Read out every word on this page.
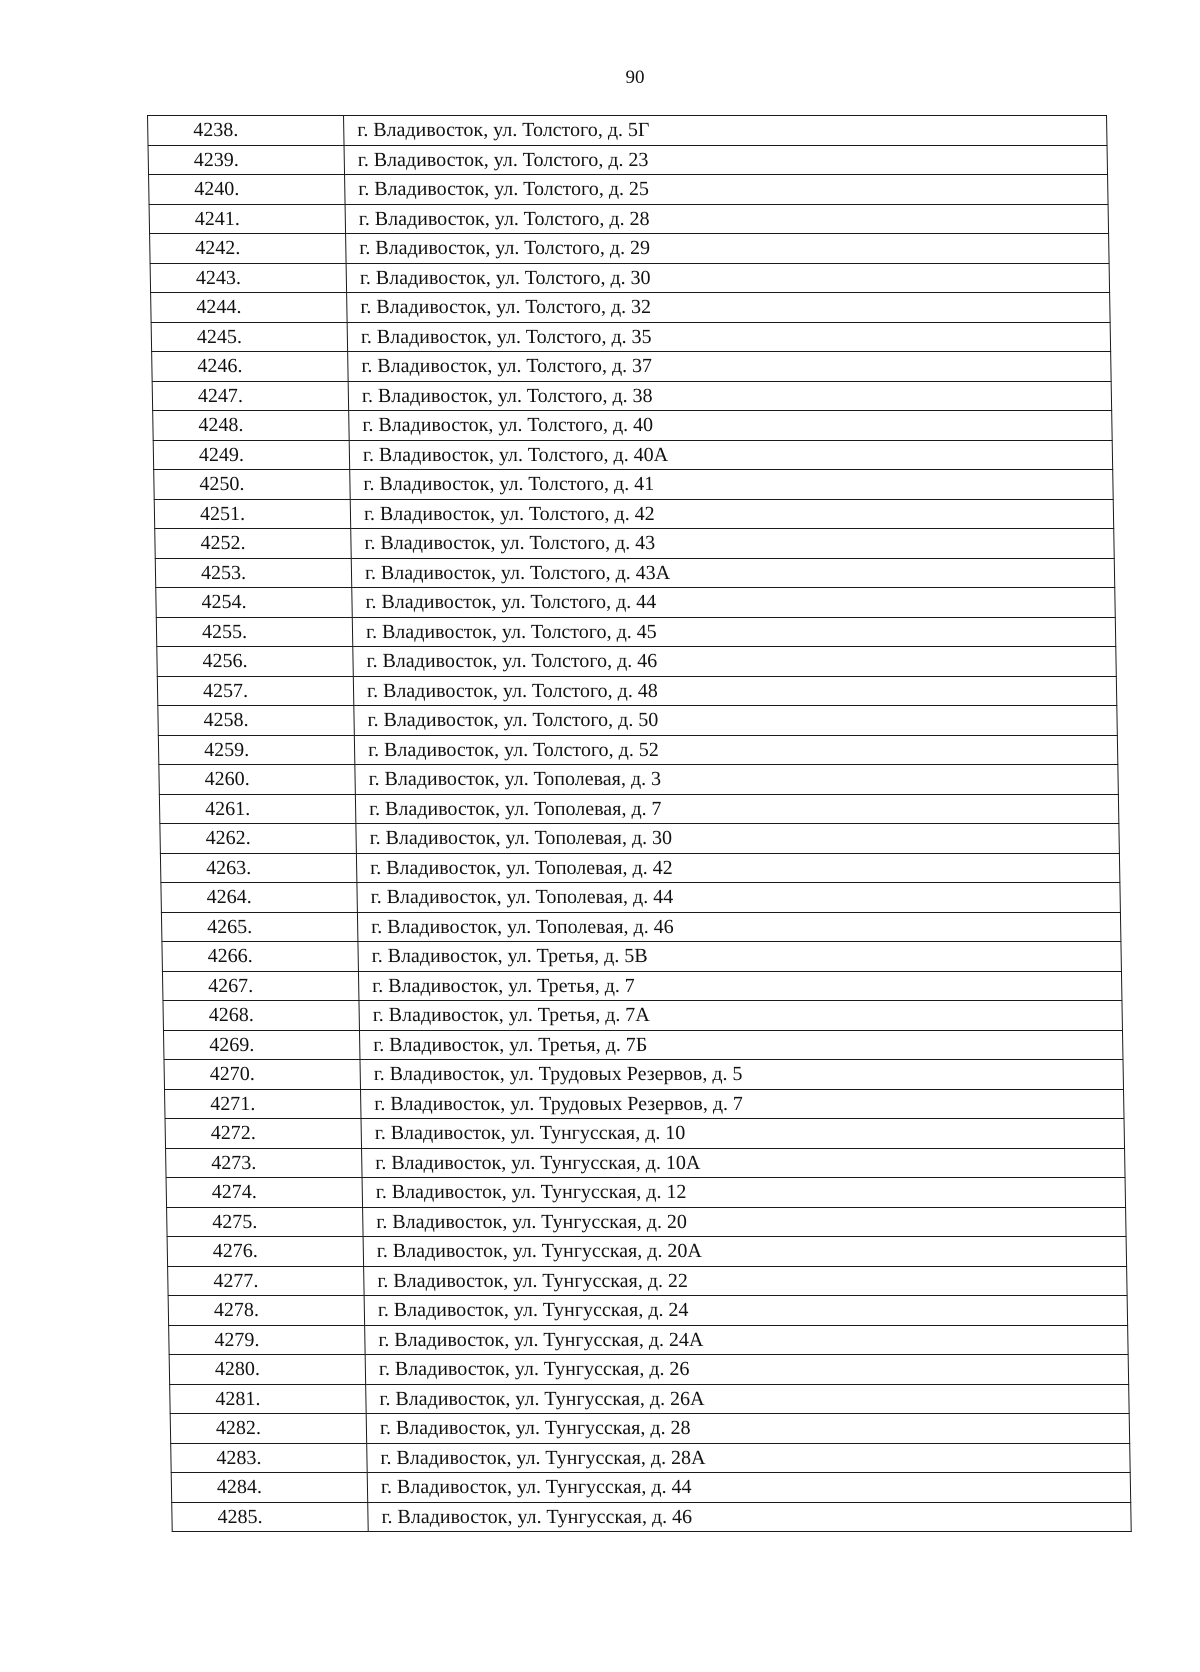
90
4238.	г. Владивосток, ул. Толстого, д. 5Г
4239.	г. Владивосток, ул. Толстого, д. 23
4240.	г. Владивосток, ул. Толстого, д. 25
4241.	г. Владивосток, ул. Толстого, д. 28
4242.	г. Владивосток, ул. Толстого, д. 29
4243.	г. Владивосток, ул. Толстого, д. 30
4244.	г. Владивосток, ул. Толстого, д. 32
4245.	г. Владивосток, ул. Толстого, д. 35
4246.	г. Владивосток, ул. Толстого, д. 37
4247.	г. Владивосток, ул. Толстого, д. 38
4248.	г. Владивосток, ул. Толстого, д. 40
4249.	г. Владивосток, ул. Толстого, д. 40А
4250.	г. Владивосток, ул. Толстого, д. 41
4251.	г. Владивосток, ул. Толстого, д. 42
4252.	г. Владивосток, ул. Толстого, д. 43
4253.	г. Владивосток, ул. Толстого, д. 43А
4254.	г. Владивосток, ул. Толстого, д. 44
4255.	г. Владивосток, ул. Толстого, д. 45
4256.	г. Владивосток, ул. Толстого, д. 46
4257.	г. Владивосток, ул. Толстого, д. 48
4258.	г. Владивосток, ул. Толстого, д. 50
4259.	г. Владивосток, ул. Толстого, д. 52
4260.	г. Владивосток, ул. Тополевая, д. 3
4261.	г. Владивосток, ул. Тополевая, д. 7
4262.	г. Владивосток, ул. Тополевая, д. 30
4263.	г. Владивосток, ул. Тополевая, д. 42
4264.	г. Владивосток, ул. Тополевая, д. 44
4265.	г. Владивосток, ул. Тополевая, д. 46
4266.	г. Владивосток, ул. Третья, д. 5В
4267.	г. Владивосток, ул. Третья, д. 7
4268.	г. Владивосток, ул. Третья, д. 7А
4269.	г. Владивосток, ул. Третья, д. 7Б
4270.	г. Владивосток, ул. Трудовых Резервов, д. 5
4271.	г. Владивосток, ул. Трудовых Резервов, д. 7
4272.	г. Владивосток, ул. Тунгусская, д. 10
4273.	г. Владивосток, ул. Тунгусская, д. 10А
4274.	г. Владивосток, ул. Тунгусская, д. 12
4275.	г. Владивосток, ул. Тунгусская, д. 20
4276.	г. Владивосток, ул. Тунгусская, д. 20А
4277.	г. Владивосток, ул. Тунгусская, д. 22
4278.	г. Владивосток, ул. Тунгусская, д. 24
4279.	г. Владивосток, ул. Тунгусская, д. 24А
4280.	г. Владивосток, ул. Тунгусская, д. 26
4281.	г. Владивосток, ул. Тунгусская, д. 26А
4282.	г. Владивосток, ул. Тунгусская, д. 28
4283.	г. Владивосток, ул. Тунгусская, д. 28А
4284.	г. Владивосток, ул. Тунгусская, д. 44
4285.	г. Владивосток, ул. Тунгусская, д. 46
